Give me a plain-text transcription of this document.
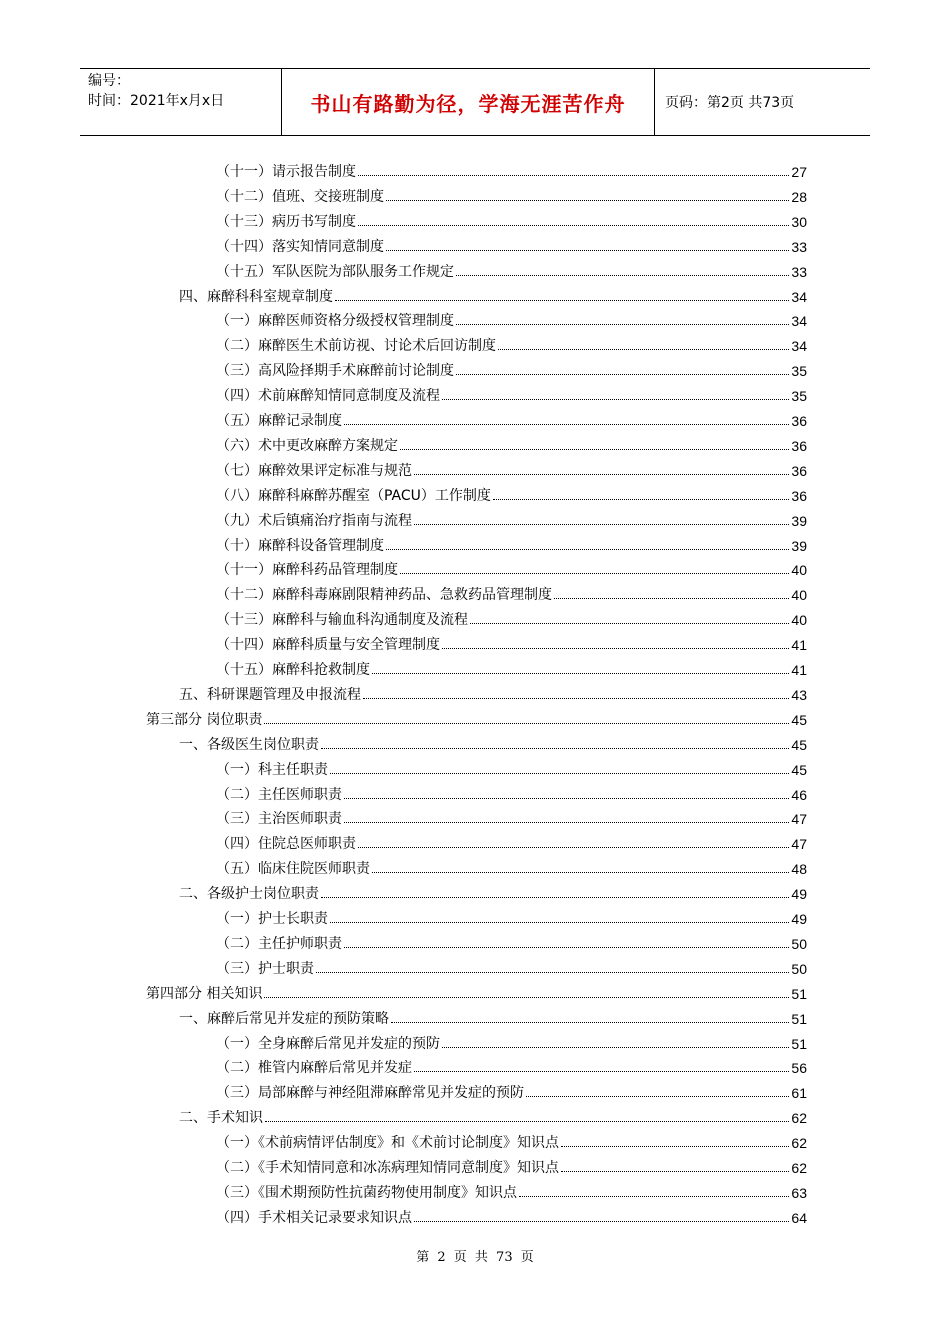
编号：
时间：2021年x月x日	书山有路勤为径，学海无涯苦作舟	页码：第2页 共73页
（十一）请示报告制度	27
（十二）值班、交接班制度	28
（十三）病历书写制度	30
（十四）落实知情同意制度	33
（十五）军队医院为部队服务工作规定	33
四、麻醉科科室规章制度	34
（一）麻醉医师资格分级授权管理制度	34
（二）麻醉医生术前访视、讨论术后回访制度	34
（三）高风险择期手术麻醉前讨论制度	35
（四）术前麻醉知情同意制度及流程	35
（五）麻醉记录制度	36
（六）术中更改麻醉方案规定	36
（七）麻醉效果评定标准与规范	36
（八）麻醉科麻醉苏醒室（PACU）工作制度	36
（九）术后镇痛治疗指南与流程	39
（十）麻醉科设备管理制度	39
（十一）麻醉科药品管理制度	40
（十二）麻醉科毒麻剧限精神药品、急救药品管理制度	40
（十三）麻醉科与输血科沟通制度及流程	40
（十四）麻醉科质量与安全管理制度	41
（十五）麻醉科抢救制度	41
五、科研课题管理及申报流程	43
第三部分 岗位职责	45
一、各级医生岗位职责	45
（一）科主任职责	45
（二）主任医师职责	46
（三）主治医师职责	47
（四）住院总医师职责	47
（五）临床住院医师职责	48
二、各级护士岗位职责	49
（一）护士长职责	49
（二）主任护师职责	50
（三）护士职责	50
第四部分 相关知识	51
一、麻醉后常见并发症的预防策略	51
（一）全身麻醉后常见并发症的预防	51
（二）椎管内麻醉后常见并发症	56
（三）局部麻醉与神经阻滞麻醉常见并发症的预防	61
二、手术知识	62
（一）《术前病情评估制度》和《术前讨论制度》知识点	62
（二）《手术知情同意和冰冻病理知情同意制度》知识点	62
（三）《围术期预防性抗菌药物使用制度》知识点	63
（四）手术相关记录要求知识点	64
第 2 页 共 73 页
